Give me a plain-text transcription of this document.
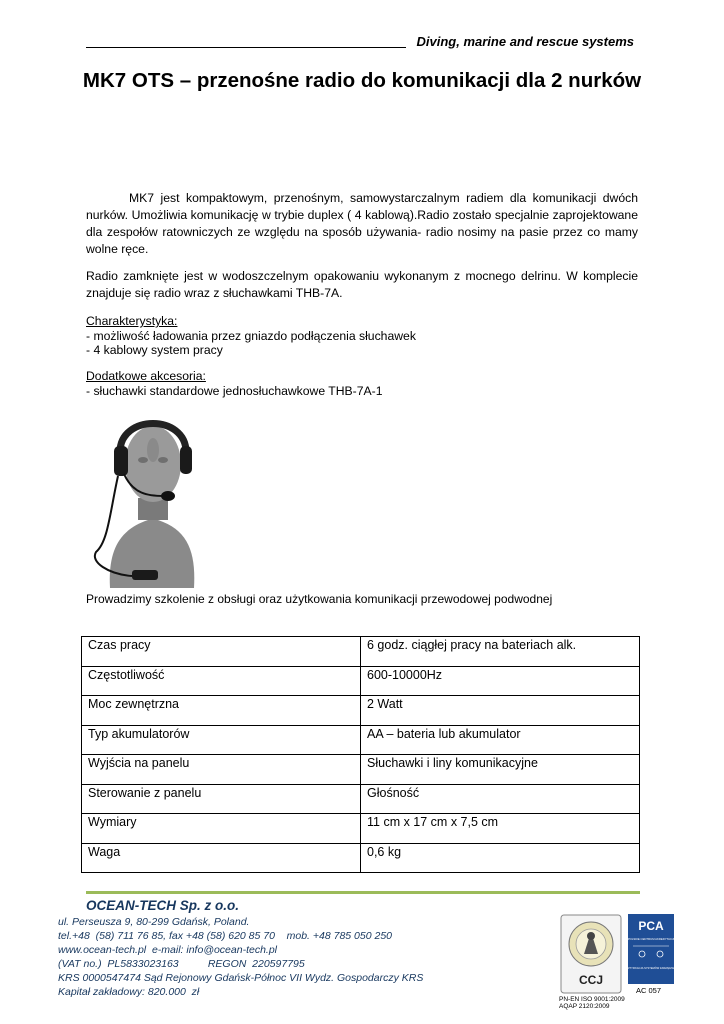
Diving, marine and rescue systems
MK7 OTS – przenośne radio do komunikacji dla 2 nurków

MK7 jest kompaktowym, przenośnym, samowystarczalnym radiem dla komunikacji dwóch nurków. Umożliwia komunikację w trybie duplex ( 4 kablową).Radio zostało specjalnie zaprojektowane dla zespołów ratowniczych ze względu na sposób używania- radio nosimy na pasie przez co mamy wolne ręce.

Radio zamknięte jest w wodoszczelnym opakowaniu wykonanym z mocnego delrinu. W komplecie znajduje się radio wraz z słuchawkami THB-7A.

Charakterystyka:
- możliwość ładowania przez gniazdo podłączenia słuchawek
- 4 kablowy system pracy
Dodatkowe akcesoria:
- słuchawki standardowe jednosłuchawkowe THB-7A-1
Prowadzimy szkolenie z obsługi oraz użytkowania komunikacji przewodowej podwodnej
Czas pracy	6 godz. ciągłej pracy na bateriach alk.
Częstotliwość	600-10000Hz
Moc zewnętrzna	2 Watt
Typ akumulatorów	AA – bateria lub akumulator
Wyjścia na panelu	Słuchawki i liny komunikacyjne
Sterowanie z panelu	Głośność
Wymiary	11 cm x 17 cm x 7,5 cm
Waga	0,6 kg
OCEAN-TECH Sp. z o.o.
ul. Perseusza 9, 80-299 Gdańsk, Poland.
tel.+48  (58) 711 76 85, fax +48 (58) 620 85 70    mob. +48 785 050 250
www.ocean-tech.pl  e-mail: info@ocean-tech.pl
(VAT no.)  PL5833023163          REGON  220597795
KRS 0000547474 Sąd Rejonowy Gdańsk-Północ VII Wydz. Gospodarczy KRS
Kapitał zakładowy: 820.000  zł
CCJ
PCA
POLSKIE CENTRUM AKREDYTACJI
CERTYFIKACJA SYSTEMÓW ZARZĄDZANIA
AC 057
PN-EN ISO 9001:2009
AQAP 2120:2009
